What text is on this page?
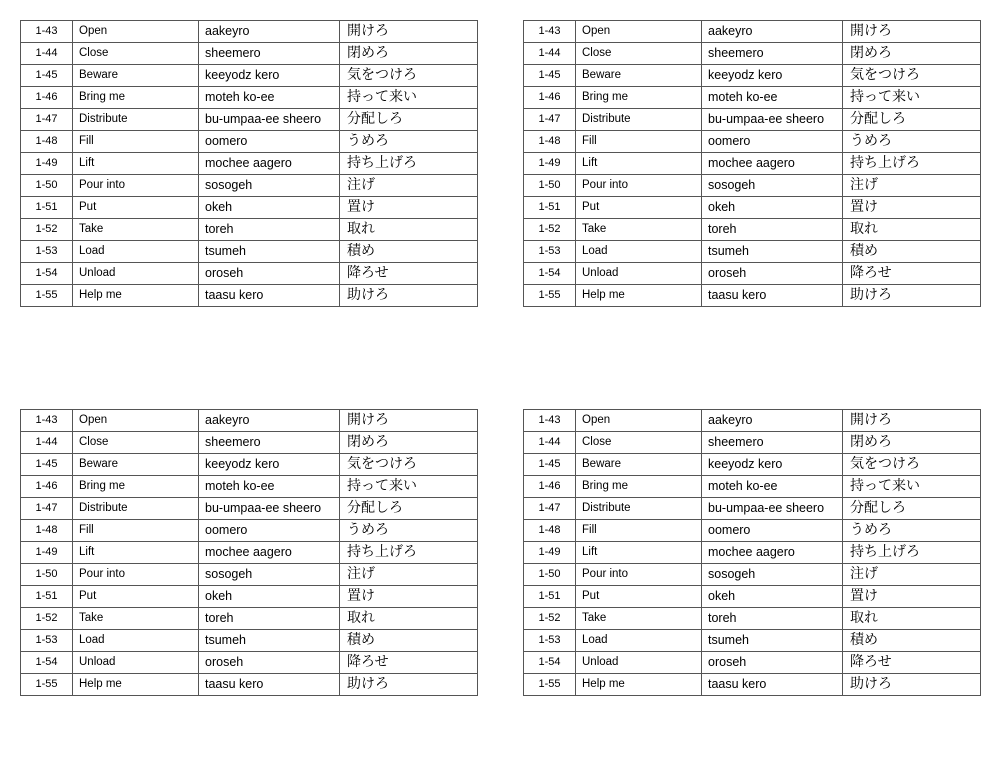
1-43	Open	aakeyro	開けろ
1-44	Close	sheemero	閉めろ
1-45	Beware	keeyodz kero	気をつけろ
1-46	Bring me	moteh ko-ee	持って来い
1-47	Distribute	bu-umpaa-ee sheero	分配しろ
1-48	Fill	oomero	うめろ
1-49	Lift	mochee aagero	持ち上げろ
1-50	Pour into	sosogeh	注げ
1-51	Put	okeh	置け
1-52	Take	toreh	取れ
1-53	Load	tsumeh	積め
1-54	Unload	oroseh	降ろせ
1-55	Help me	taasu kero	助けろ
1-43	Open	aakeyro	開けろ
1-44	Close	sheemero	閉めろ
1-45	Beware	keeyodz kero	気をつけろ
1-46	Bring me	moteh ko-ee	持って来い
1-47	Distribute	bu-umpaa-ee sheero	分配しろ
1-48	Fill	oomero	うめろ
1-49	Lift	mochee aagero	持ち上げろ
1-50	Pour into	sosogeh	注げ
1-51	Put	okeh	置け
1-52	Take	toreh	取れ
1-53	Load	tsumeh	積め
1-54	Unload	oroseh	降ろせ
1-55	Help me	taasu kero	助けろ
1-43	Open	aakeyro	開けろ
1-44	Close	sheemero	閉めろ
1-45	Beware	keeyodz kero	気をつけろ
1-46	Bring me	moteh ko-ee	持って来い
1-47	Distribute	bu-umpaa-ee sheero	分配しろ
1-48	Fill	oomero	うめろ
1-49	Lift	mochee aagero	持ち上げろ
1-50	Pour into	sosogeh	注げ
1-51	Put	okeh	置け
1-52	Take	toreh	取れ
1-53	Load	tsumeh	積め
1-54	Unload	oroseh	降ろせ
1-55	Help me	taasu kero	助けろ
1-43	Open	aakeyro	開けろ
1-44	Close	sheemero	閉めろ
1-45	Beware	keeyodz kero	気をつけろ
1-46	Bring me	moteh ko-ee	持って来い
1-47	Distribute	bu-umpaa-ee sheero	分配しろ
1-48	Fill	oomero	うめろ
1-49	Lift	mochee aagero	持ち上げろ
1-50	Pour into	sosogeh	注げ
1-51	Put	okeh	置け
1-52	Take	toreh	取れ
1-53	Load	tsumeh	積め
1-54	Unload	oroseh	降ろせ
1-55	Help me	taasu kero	助けろ
